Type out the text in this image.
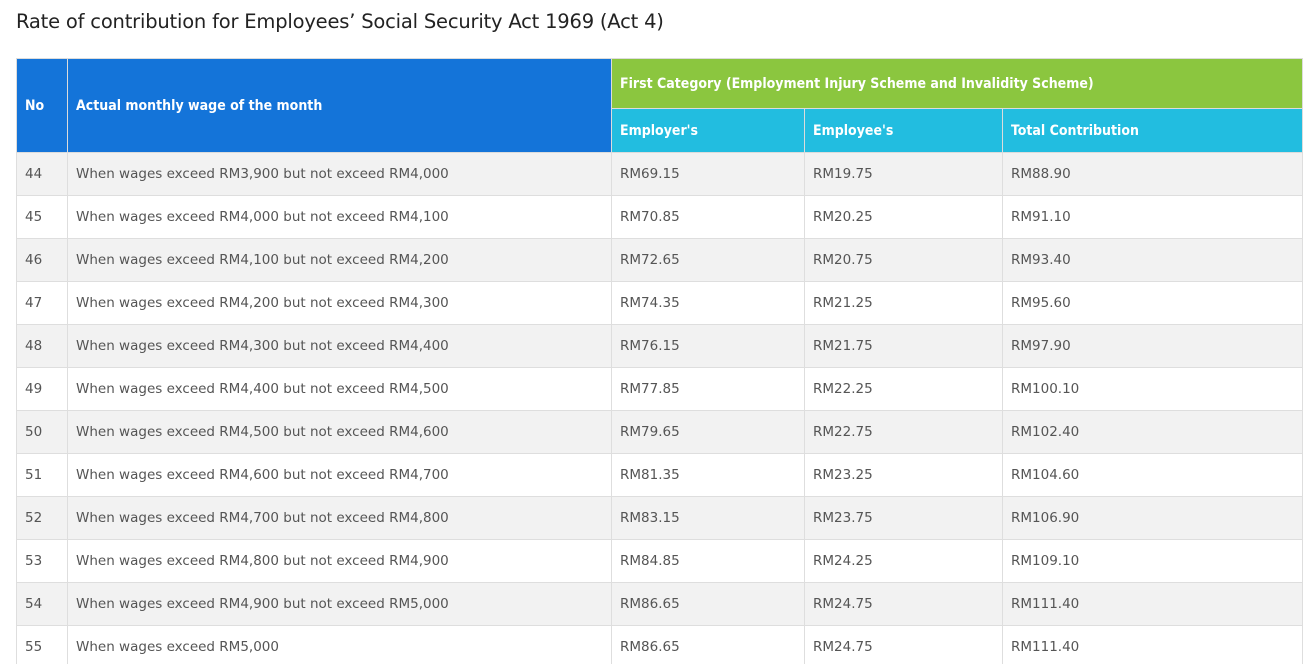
Rate of contribution for Employees’ Social Security Act 1969 (Act 4)
No	Actual monthly wage of the month	First Category (Employment Injury Scheme and Invalidity Scheme)		
		Employer's	Employee's	Total Contribution
44	When wages exceed RM3,900 but not exceed RM4,000	RM69.15	RM19.75	RM88.90
45	When wages exceed RM4,000 but not exceed RM4,100	RM70.85	RM20.25	RM91.10
46	When wages exceed RM4,100 but not exceed RM4,200	RM72.65	RM20.75	RM93.40
47	When wages exceed RM4,200 but not exceed RM4,300	RM74.35	RM21.25	RM95.60
48	When wages exceed RM4,300 but not exceed RM4,400	RM76.15	RM21.75	RM97.90
49	When wages exceed RM4,400 but not exceed RM4,500	RM77.85	RM22.25	RM100.10
50	When wages exceed RM4,500 but not exceed RM4,600	RM79.65	RM22.75	RM102.40
51	When wages exceed RM4,600 but not exceed RM4,700	RM81.35	RM23.25	RM104.60
52	When wages exceed RM4,700 but not exceed RM4,800	RM83.15	RM23.75	RM106.90
53	When wages exceed RM4,800 but not exceed RM4,900	RM84.85	RM24.25	RM109.10
54	When wages exceed RM4,900 but not exceed RM5,000	RM86.65	RM24.75	RM111.40
55	When wages exceed RM5,000	RM86.65	RM24.75	RM111.40
